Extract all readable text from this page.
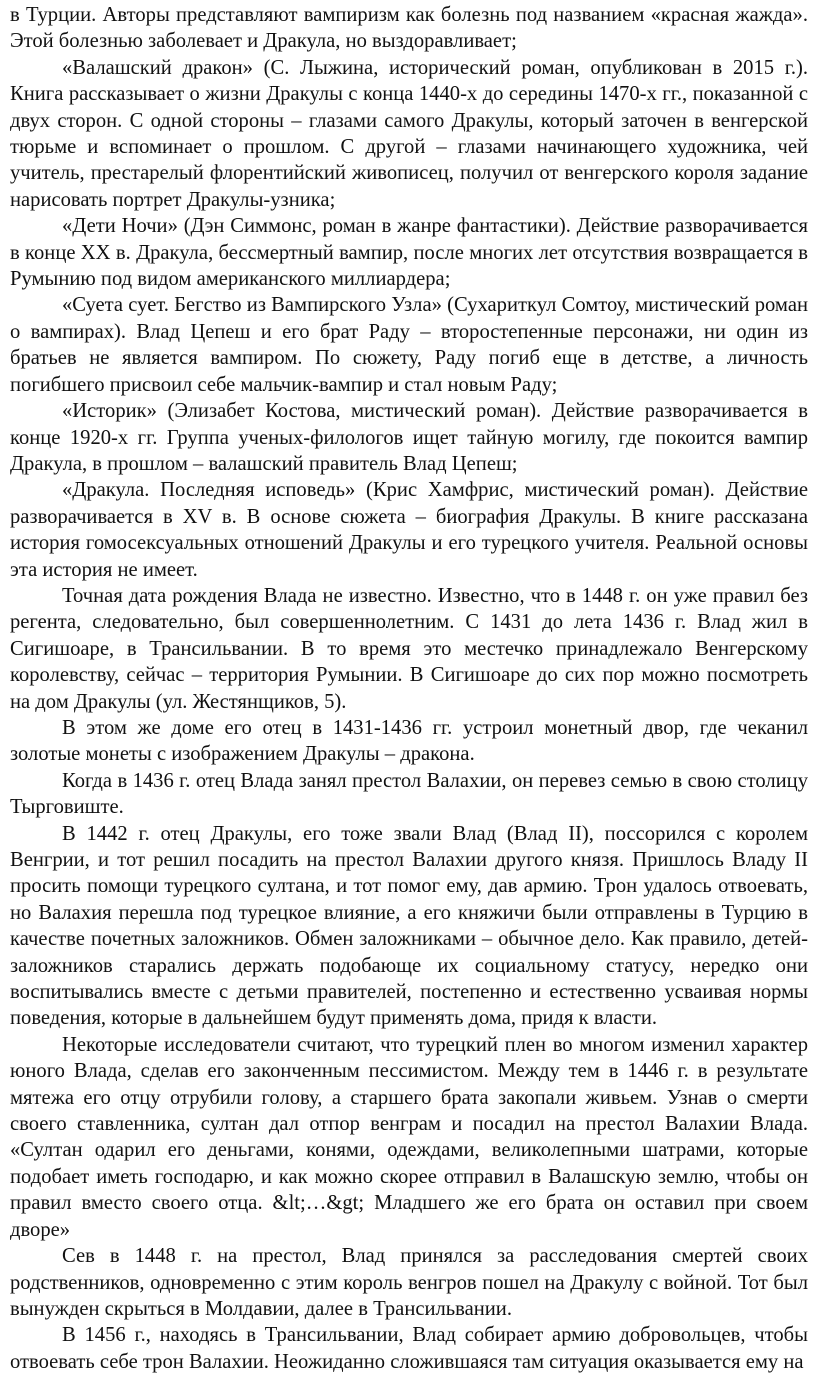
в Турции. Авторы представляют вампиризм как болезнь под названием «красная жажда». Этой болезнью заболевает и Дракула, но выздоравливает;

«Валашский дракон» (С. Лыжина, исторический роман, опубликован в 2015 г.). Книга рассказывает о жизни Дракулы с конца 1440-х до середины 1470-х гг., показанной с двух сторон. С одной стороны – глазами самого Дракулы, который заточен в венгерской тюрьме и вспоминает о прошлом. С другой – глазами начинающего художника, чей учитель, престарелый флорентийский живописец, получил от венгерского короля задание нарисовать портрет Дракулы-узника;

«Дети Ночи» (Дэн Симмонс, роман в жанре фантастики). Действие разворачивается в конце XX в. Дракула, бессмертный вампир, после многих лет отсутствия возвращается в Румынию под видом американского миллиардера;

«Суета сует. Бегство из Вампирского Узла» (Сухариткул Сомтоу, мистический роман о вампирах). Влад Цепеш и его брат Раду – второстепенные персонажи, ни один из братьев не является вампиром. По сюжету, Раду погиб еще в детстве, а личность погибшего присвоил себе мальчик-вампир и стал новым Раду;

«Историк» (Элизабет Костова, мистический роман). Действие разворачивается в конце 1920-х гг. Группа ученых-филологов ищет тайную могилу, где покоится вампир Дракула, в прошлом – валашский правитель Влад Цепеш;

«Дракула. Последняя исповедь» (Крис Хамфрис, мистический роман). Действие разворачивается в XV в. В основе сюжета – биография Дракулы. В книге рассказана история гомосексуальных отношений Дракулы и его турецкого учителя. Реальной основы эта история не имеет.

Точная дата рождения Влада не известно. Известно, что в 1448 г. он уже правил без регента, следовательно, был совершеннолетним. С 1431 до лета 1436 г. Влад жил в Сигишоаре, в Трансильвании. В то время это местечко принадлежало Венгерскому королевству, сейчас – территория Румынии. В Сигишоаре до сих пор можно посмотреть на дом Дракулы (ул. Жестянщиков, 5).

В этом же доме его отец в 1431-1436 гг. устроил монетный двор, где чеканил золотые монеты с изображением Дракулы – дракона.

Когда в 1436 г. отец Влада занял престол Валахии, он перевез семью в свою столицу Тырговиште.

В 1442 г. отец Дракулы, его тоже звали Влад (Влад II), поссорился с королем Венгрии, и тот решил посадить на престол Валахии другого князя. Пришлось Владу II просить помощи турецкого султана, и тот помог ему, дав армию. Трон удалось отвоевать, но Валахия перешла под турецкое влияние, а его княжичи были отправлены в Турцию в качестве почетных заложников. Обмен заложниками – обычное дело. Как правило, детей-заложников старались держать подобающе их социальному статусу, нередко они воспитывались вместе с детьми правителей, постепенно и естественно усваивая нормы поведения, которые в дальнейшем будут применять дома, придя к власти.

Некоторые исследователи считают, что турецкий плен во многом изменил характер юного Влада, сделав его законченным пессимистом. Между тем в 1446 г. в результате мятежа его отцу отрубили голову, а старшего брата закопали живьем. Узнав о смерти своего ставленника, султан дал отпор венграм и посадил на престол Валахии Влада. «Султан одарил его деньгами, конями, одеждами, великолепными шатрами, которые подобает иметь господарю, и как можно скорее отправил в Валашскую землю, чтобы он правил вместо своего отца. &lt;…&gt; Младшего же его брата он оставил при своем дворе»

Сев в 1448 г. на престол, Влад принялся за расследования смертей своих родственников, одновременно с этим король венгров пошел на Дракулу с войной. Тот был вынужден скрыться в Молдавии, далее в Трансильвании.

В 1456 г., находясь в Трансильвании, Влад собирает армию добровольцев, чтобы отвоевать себе трон Валахии. Неожиданно сложившаяся там ситуация оказывается ему на
